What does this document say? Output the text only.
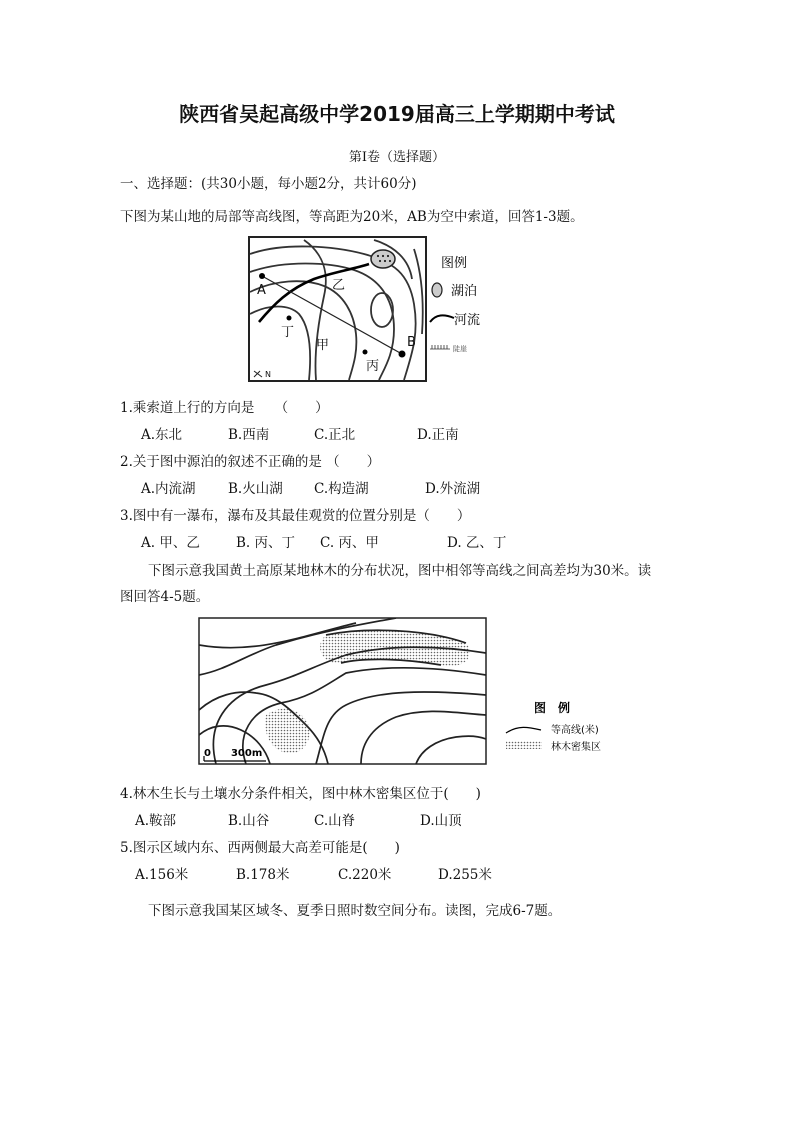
陕西省吴起高级中学2019届高三上学期期中考试
第Ⅰ卷（选择题）
一、选择题：(共30小题，每小题2分，共计60分)
下图为某山地的局部等高线图，等高距为20米，AB为空中索道，回答1-3题。
A
B
乙
丁
甲
丙
N
图例
湖泊
河流
陡崖
1.乘索道上行的方向是　　（　　）
A.东北	B.西南	C.正北	D.正南
2.关于图中源泊的叙述不正确的是 （　　）
A.内流湖 B.火山湖 C.构造湖	D.外流湖
3.图中有一瀑布，瀑布及其最佳观赏的位置分别是（　　）
A. 甲、乙	B. 丙、丁 C. 丙、甲	D. 乙、丁
下图示意我国黄土高原某地林木的分布状况，图中相邻等高线之间高差均为30米。读
图回答4-5题。
0　　300m
图　例
等高线(米)
林木密集区
4.林木生长与土壤水分条件相关，图中林木密集区位于(　　)
A.鞍部	B.山谷	C.山脊	D.山顶
5.图示区域内东、西两侧最大高差可能是(　　)
A.156米	B.178米	C.220米	D.255米
下图示意我国某区域冬、夏季日照时数空间分布。读图，完成6-7题。
